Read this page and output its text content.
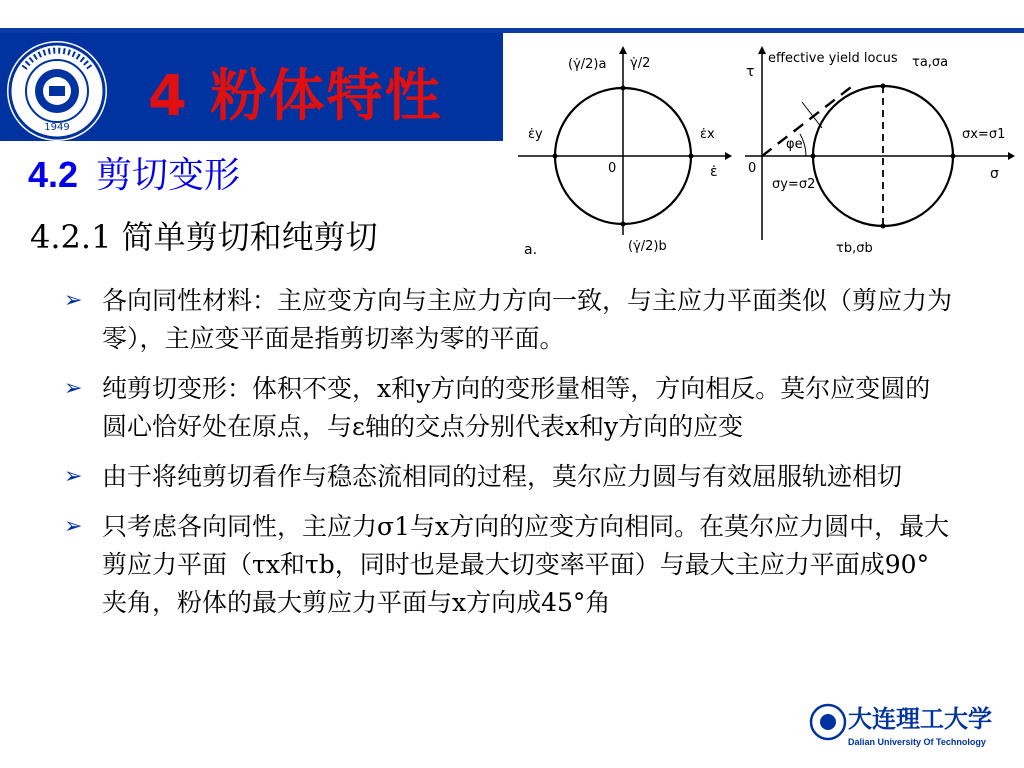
1949 4 粉体特性	(γ̇/2)a γ̇/2
ε̇y	ε̇x
0	ε̇
(γ̇/2)b
a.
effective yield locus
τ
τa,σa
σx=σ1
σy=σ2
σ
0
φe
τb,σb
4.2 剪切变形
4.2.1 简单剪切和纯剪切
➢ 各向同性材料：主应变方向与主应力方向一致，与主应力平面类似（剪应力为零），主应变平面是指剪切率为零的平面。
➢ 纯剪切变形：体积不变，x和y方向的变形量相等，方向相反。莫尔应变圆的圆心恰好处在原点，与ε轴的交点分别代表x和y方向的应变
➢ 由于将纯剪切看作与稳态流相同的过程，莫尔应力圆与有效屈服轨迹相切
➢ 只考虑各向同性，主应力σ1与x方向的应变方向相同。在莫尔应力圆中，最大剪应力平面（τx和τb，同时也是最大切变率平面）与最大主应力平面成90°夹角，粉体的最大剪应力平面与x方向成45°角
大连理工大学
Dalian University Of Technology
